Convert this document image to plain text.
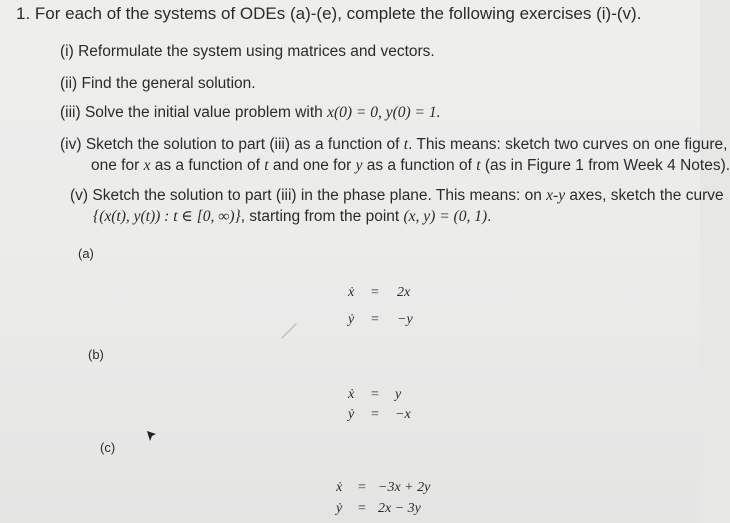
1. For each of the systems of ODEs (a)-(e), complete the following exercises (i)-(v).
(i) Reformulate the system using matrices and vectors.
(ii) Find the general solution.
(iii) Solve the initial value problem with x(0) = 0, y(0) = 1.
(iv) Sketch the solution to part (iii) as a function of t. This means: sketch two curves on one figure,
one for x as a function of t and one for y as a function of t (as in Figure 1 from Week 4 Notes).
(v) Sketch the solution to part (iii) in the phase plane. This means: on x-y axes, sketch the curve
{(x(t), y(t)) : t ∈ [0, ∞)}, starting from the point (x, y) = (0, 1).
(a)
ẋ = 2x
ẏ = −y
(b)
ẋ = y
ẏ = −x
(c)
ẋ = −3x + 2y
ẏ = 2x − 3y
